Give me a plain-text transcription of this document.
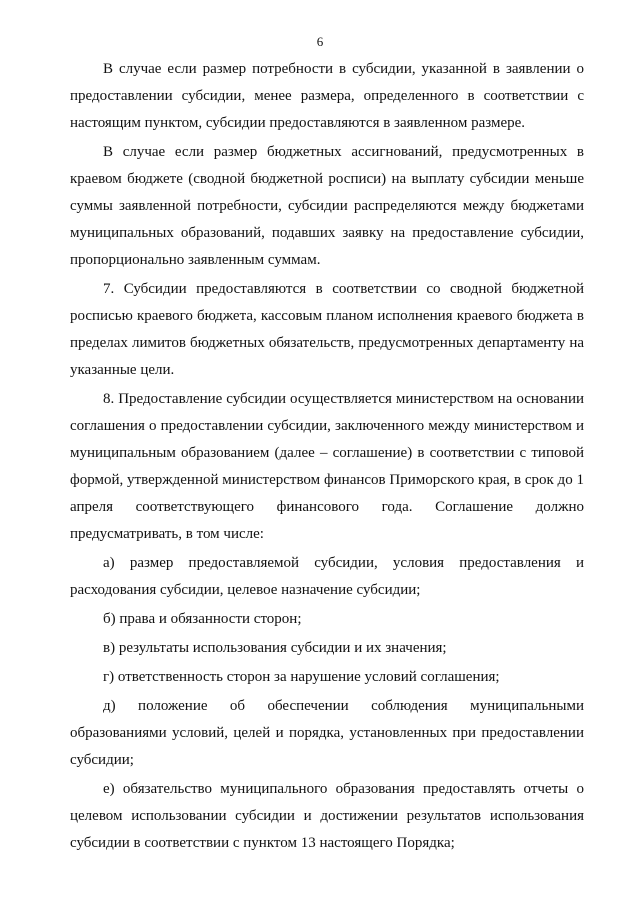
6

В случае если размер потребности в субсидии, указанной в заявлении о предоставлении субсидии, менее размера, определенного в соответствии с настоящим пунктом, субсидии предоставляются в заявленном размере.

В случае если размер бюджетных ассигнований, предусмотренных в краевом бюджете (сводной бюджетной росписи) на выплату субсидии меньше суммы заявленной потребности, субсидии распределяются между бюджетами муниципальных образований, подавших заявку на предоставление субсидии, пропорционально заявленным суммам.

7. Субсидии предоставляются в соответствии со сводной бюджетной росписью краевого бюджета, кассовым планом исполнения краевого бюджета в пределах лимитов бюджетных обязательств, предусмотренных департаменту на указанные цели.

8. Предоставление субсидии осуществляется министерством на основании соглашения о предоставлении субсидии, заключенного между министерством и муниципальным образованием (далее – соглашение) в соответствии с типовой формой, утвержденной министерством финансов Приморского края, в срок до 1 апреля соответствующего финансового года. Соглашение должно предусматривать, в том числе:

а) размер предоставляемой субсидии, условия предоставления и расходования субсидии, целевое назначение субсидии;

б) права и обязанности сторон;

в) результаты использования субсидии и их значения;

г) ответственность сторон за нарушение условий соглашения;

д) положение об обеспечении соблюдения муниципальными образованиями условий, целей и порядка, установленных при предоставлении субсидии;

е) обязательство муниципального образования предоставлять отчеты о целевом использовании субсидии и достижении результатов использования субсидии в соответствии с пунктом 13 настоящего Порядка;
